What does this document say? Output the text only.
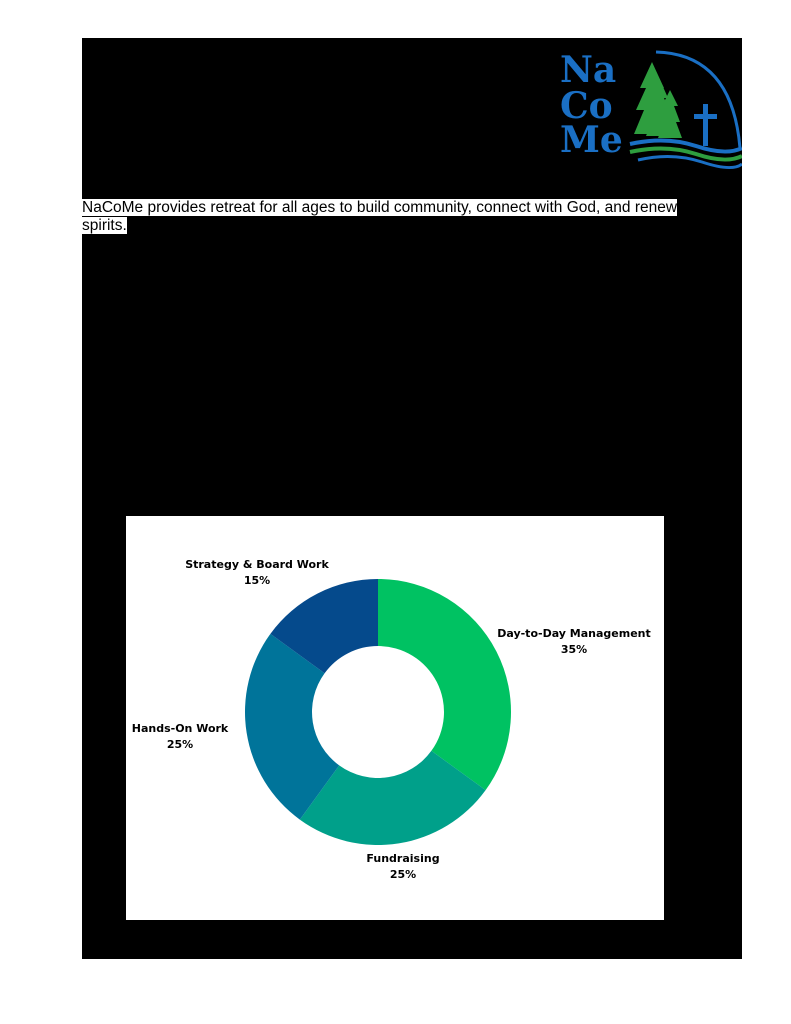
Na
Co
Me

NaCoMe provides retreat for all ages to build community, connect with God, and renew spirits.

Day-to-Day Management
35%
Fundraising
25%
Hands-On Work
25%
Strategy & Board Work
15%
